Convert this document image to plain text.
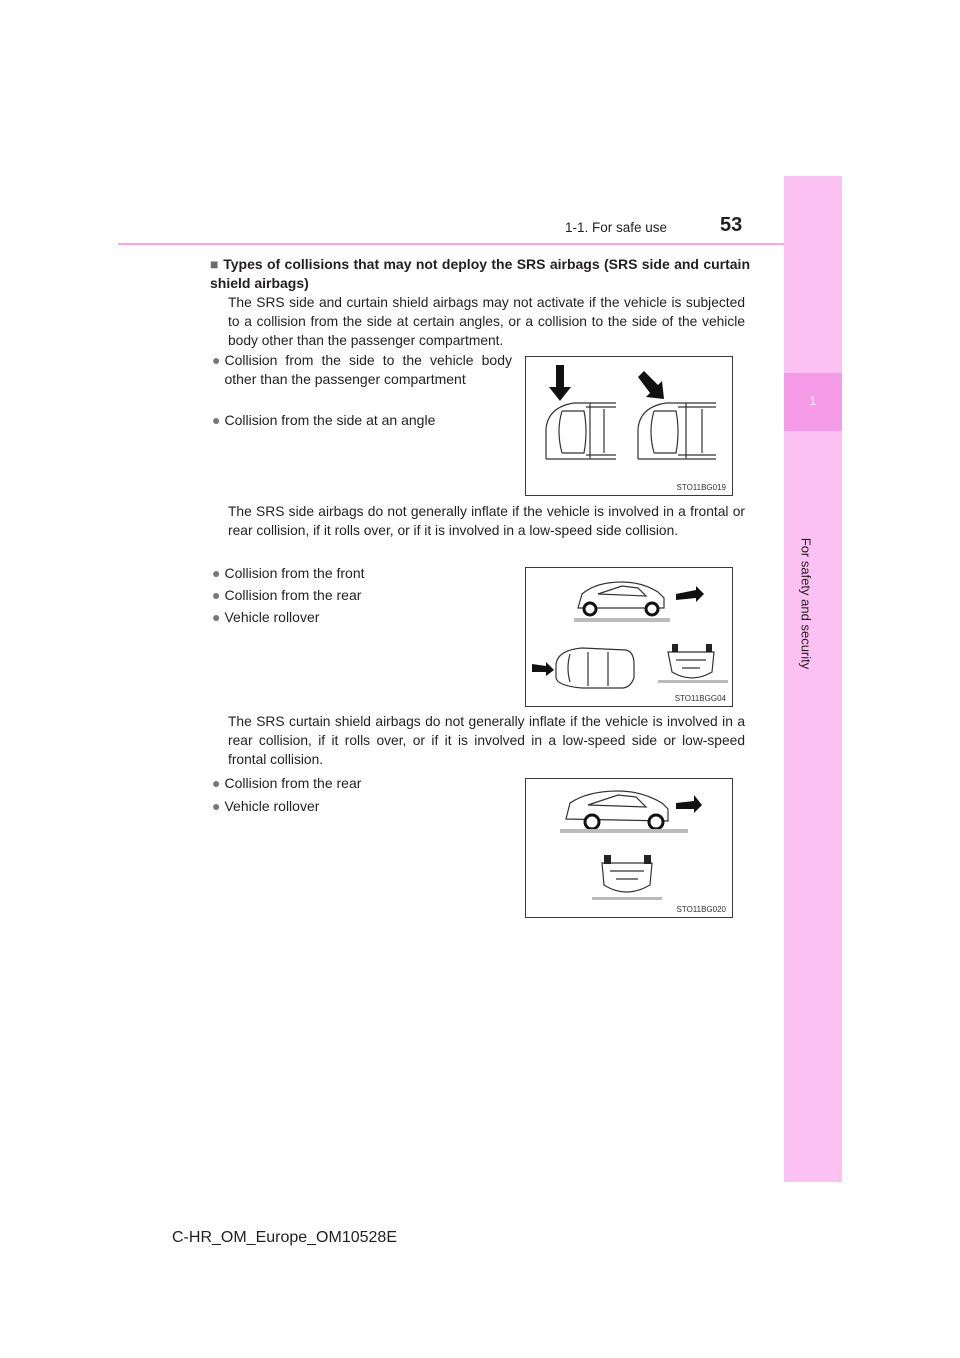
1
For safety and security
1-1. For safe use	53
■ Types of collisions that may not deploy the SRS airbags (SRS side and curtain shield airbags)
The SRS side and curtain shield airbags may not activate if the vehicle is subjected to a collision from the side at certain angles, or a collision to the side of the vehicle body other than the passenger compartment.
● Collision from the side to the vehicle body other than the passenger compartment
● Collision from the side at an angle
STO11BG019
The SRS side airbags do not generally inflate if the vehicle is involved in a frontal or rear collision, if it rolls over, or if it is involved in a low-speed side collision.
● Collision from the front
● Collision from the rear
● Vehicle rollover
STO11BGG04
The SRS curtain shield airbags do not generally inflate if the vehicle is involved in a rear collision, if it rolls over, or if it is involved in a low-speed side or low-speed frontal collision.
● Collision from the rear
● Vehicle rollover
STO11BG020
C-HR_OM_Europe_OM10528E
